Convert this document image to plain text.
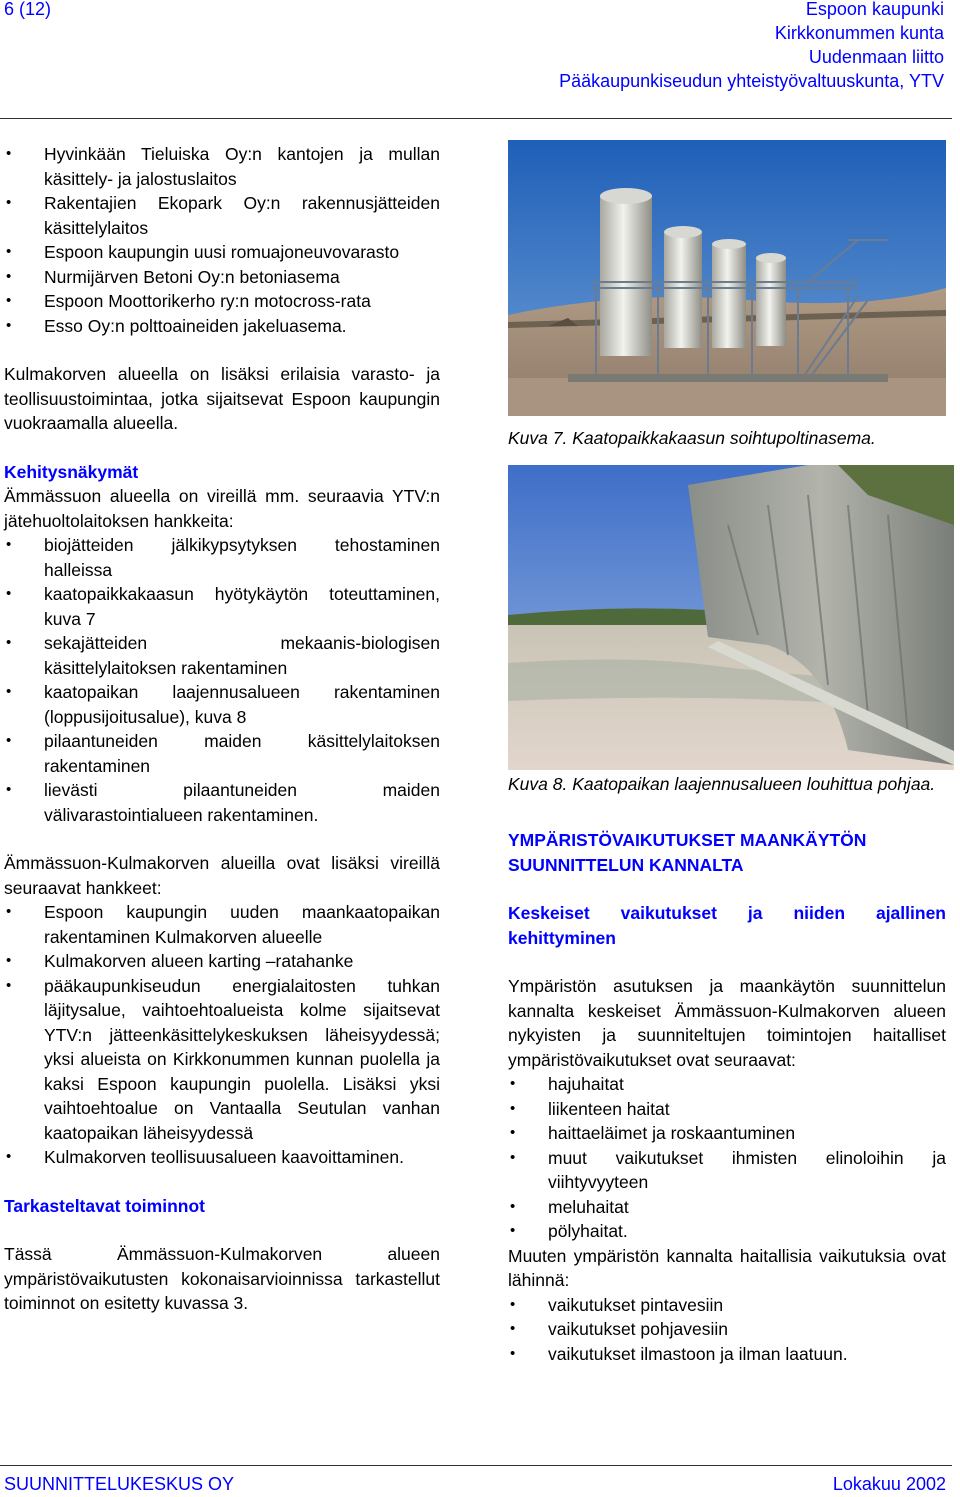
6 (12)	Espoon kaupunki
Kirkkonummen kunta
Uudenmaan liitto
Pääkaupunkiseudun yhteistyövaltuuskunta, YTV
• Hyvinkään Tieluiska Oy:n kantojen ja mullan käsittely- ja jalostuslaitos
• Rakentajien Ekopark Oy:n rakennusjätteiden käsittelylaitos
• Espoon kaupungin uusi romuajoneuvovarasto
• Nurmijärven Betoni Oy:n betoniasema
• Espoon Moottorikerho ry:n motocross-rata
• Esso Oy:n polttoaineiden jakeluasema.

Kulmakorven alueella on lisäksi erilaisia varasto- ja teollisuustoimintaa, jotka sijaitsevat Espoon kaupungin vuokraamalla alueella.

Kehitysnäkymät

Ämmässuon alueella on vireillä mm. seuraavia YTV:n jätehuoltolaitoksen hankkeita:

• biojätteiden jälkikypsytyksen tehostaminen halleissa
• kaatopaikkakaasun hyötykäytön toteuttaminen, kuva 7
• sekajätteiden mekaanis-biologisen käsittelylaitoksen rakentaminen
• kaatopaikan laajennusalueen rakentaminen (loppusijoitusalue), kuva 8
• pilaantuneiden maiden käsittelylaitoksen rakentaminen
• lievästi pilaantuneiden maiden välivarastointialueen rakentaminen.

Ämmässuon-Kulmakorven alueilla ovat lisäksi vireillä seuraavat hankkeet:

• Espoon kaupungin uuden maankaatopaikan rakentaminen Kulmakorven alueelle
• Kulmakorven alueen karting –ratahanke
• pääkaupunkiseudun energialaitosten tuhkan läjitysalue, vaihtoehtoalueista kolme sijaitsevat YTV:n jätteenkäsittelykeskuksen läheisyydessä; yksi alueista on Kirkkonummen kunnan puolella ja kaksi Espoon kaupungin puolella. Lisäksi yksi vaihtoehtoalue on Vantaalla Seutulan vanhan kaatopaikan läheisyydessä
• Kulmakorven teollisuusalueen kaavoittaminen.
Tarkasteltavat toiminnot

Tässä Ämmässuon-Kulmakorven alueen ympäristövaikutusten kokonaisarvioinnissa tarkastellut toiminnot on esitetty kuvassa 3.

Kuva 7. Kaatopaikkakaasun soihtupoltinasema.
Kuva 8. Kaatopaikan laajennusalueen louhittua pohjaa.
YMPÄRISTÖVAIKUTUKSET MAANKÄYTÖN SUUNNITTELUN KANNALTA
Keskeiset vaikutukset ja niiden ajallinen kehittyminen

Ympäristön asutuksen ja maankäytön suunnittelun kannalta keskeiset Ämmässuon-Kulmakorven alueen nykyisten ja suunniteltujen toimintojen haitalliset ympäristövaikutukset ovat seuraavat:

• hajuhaitat
• liikenteen haitat
• haittaeläimet ja roskaantuminen
• muut vaikutukset ihmisten elinoloihin ja viihtyvyyteen
• meluhaitat
• pölyhaitat.

Muuten ympäristön kannalta haitallisia vaikutuksia ovat lähinnä:

• vaikutukset pintavesiin
• vaikutukset pohjavesiin
• vaikutukset ilmastoon ja ilman laatuun.
SUUNNITTELUKESKUS OY	Lokakuu 2002
